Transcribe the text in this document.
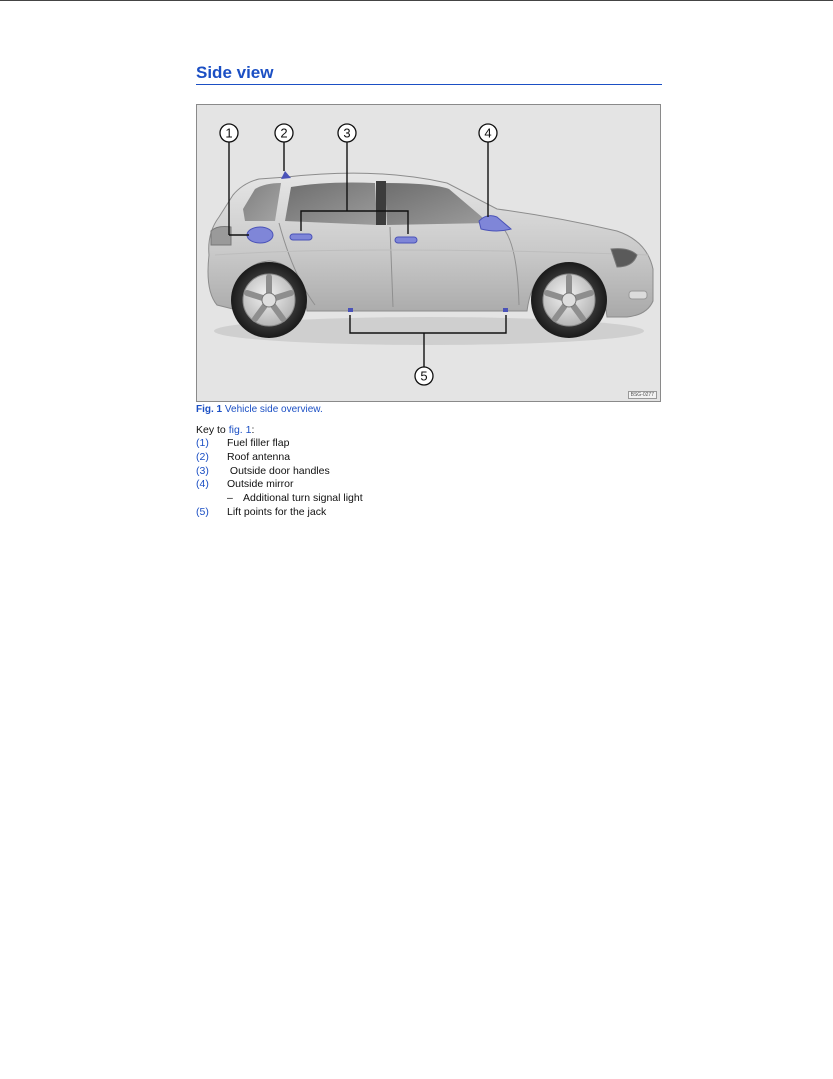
Side view
1	2	3	4
5
BSG-0277
Fig. 1 Vehicle side overview.
Key to fig. 1:
(1) Fuel filler flap
(2) Roof antenna
(3) Outside door handles
(4) Outside mirror
– Additional turn signal light
(5) Lift points for the jack
